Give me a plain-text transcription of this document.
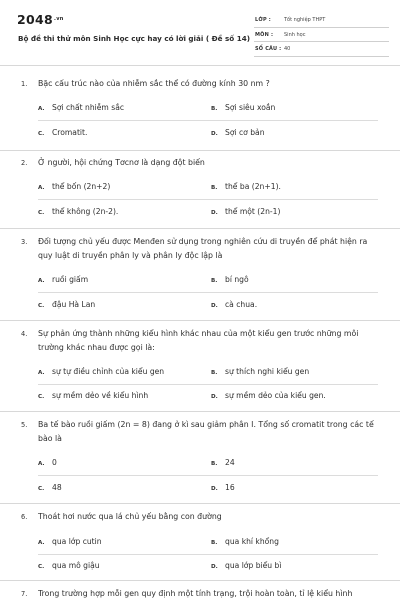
$2048^{.vn}$
Bộ đề thi thử môn Sinh Học cực hay có lời giải ( Đề số 14)
LỚP :	Tốt nghiệp THPT
MÔN : Sinh học
SỐ CÂU : 40
1. Bặc cấu trúc nào của nhiễm sắc thể có đường kính 30 nm ?
A. Sợi chất nhiễm sắc	B. Sợi siêu xoắn
C. Cromatit.	D. Sợi cơ bản
2. Ở người, hội chứng Tơcnơ là dạng đột biến
A. thể bốn (2n+2)	B. thể ba (2n+1).
C. thể không (2n-2).	D. thể một (2n-1)
3. Đối tượng chủ yếu được Menđen sử dụng trong nghiên cứu di truyền để phát hiện ra quy luật di truyền phân ly và phân ly độc lập là
A. ruồi giấm	B. bí ngô
C. đậu Hà Lan	D. cà chua.
4. Sự phản ứng thành những kiểu hình khác nhau của một kiểu gen trước những môi trường khác nhau được gọi là:
A. sự tự điều chỉnh của kiểu gen	B. sự thích nghi kiểu gen
C. sự mềm dẻo về kiểu hình	D. sự mềm dẻo của kiểu gen.
5. Ba tế bào ruồi giấm (2n = 8) đang ở kì sau giảm phân I. Tổng số cromatit trong các tế bào là
A. 0	B. 24
C. 48	D. 16
6. Thoát hơi nước qua lá chủ yếu bằng con đường
A. qua lớp cutin	B. qua khí khổng
C. qua mô giậu	D. qua lớp biểu bì
7. Trong trường hợp mỗi gen quy định một tính trạng, trội hoàn toàn, tỉ lệ kiểu hình
